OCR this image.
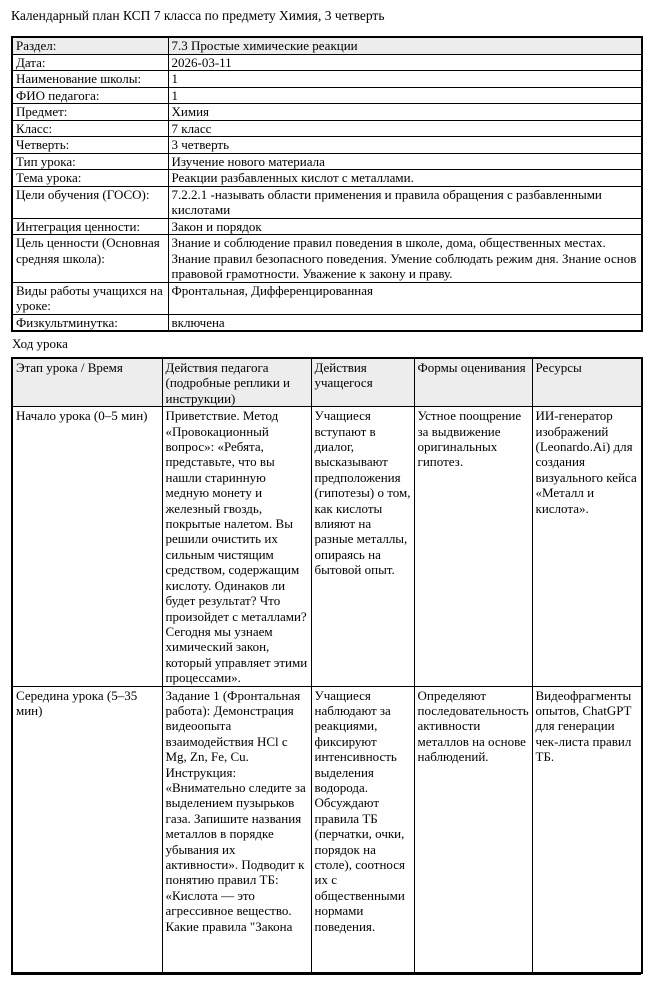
Календарный план КСП 7 класса по предмету Химия, 3 четверть
Раздел:	7.3 Простые химические реакции
Дата:	2026-03-11
Наименование школы:	1
ФИО педагога:	1
Предмет:	Химия
Класс:	7 класс
Четверть:	3 четверть
Тип урока:	Изучение нового материала
Тема урока:	Реакции разбавленных кислот с металлами.
Цели обучения (ГОСО):	7.2.2.1 -называть области применения и правила обращения с разбавленными кислотами
Интеграция ценности:	Закон и порядок
Цель ценности (Основная средняя школа):	Знание и соблюдение правил поведения в школе, дома, общественных местах. Знание правил безопасного поведения. Умение соблюдать режим дня. Знание основ правовой грамотности. Уважение к закону и праву.
Виды работы учащихся на уроке:	Фронтальная, Дифференцированная
Физкультминутка:	включена
Ход урока
Этап урока / Время	Действия педагога (подробные реплики и инструкции)	Действия учащегося	Формы оценивания	Ресурсы
Начало урока (0–5 мин)	Приветствие. Метод «Провокационный вопрос»: «Ребята, представьте, что вы нашли старинную медную монету и железный гвоздь, покрытые налетом. Вы решили очистить их сильным чистящим средством, содержащим кислоту. Одинаков ли будет результат? Что произойдет с металлами? Сегодня мы узнаем химический закон, который управляет этими процессами».	Учащиеся вступают в диалог, высказывают предположения (гипотезы) о том, как кислоты влияют на разные металлы, опираясь на бытовой опыт.	Устное поощрение за выдвижение оригинальных гипотез.	ИИ-генератор изображений (Leonardo.Ai) для создания визуального кейса «Металл и кислота».
Середина урока (5–35 мин)	Задание 1 (Фронтальная работа): Демонстрация видеоопыта взаимодействия HCl с Mg, Zn, Fe, Cu. Инструкция: «Внимательно следите за выделением пузырьков газа. Запишите названия металлов в порядке убывания их активности». Подводит к понятию правил ТБ: «Кислота — это агрессивное вещество. Какие правила "Закона	Учащиеся наблюдают за реакциями, фиксируют интенсивность выделения водорода. Обсуждают правила ТБ (перчатки, очки, порядок на столе), соотнося их с общественными нормами поведения.	Определяют последовательность активности металлов на основе наблюдений.	Видеофрагменты опытов, ChatGPT для генерации чек-листа правил ТБ.
